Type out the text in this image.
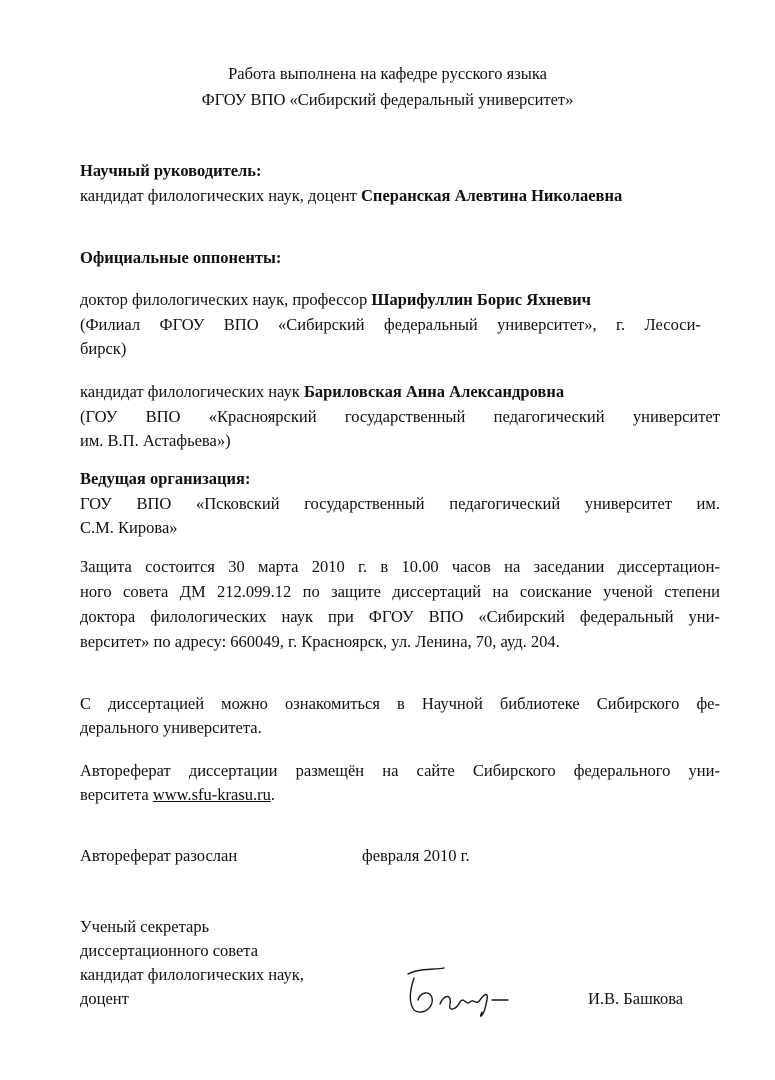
Работа выполнена на кафедре русского языка
ФГОУ ВПО «Сибирский федеральный университет»
Научный руководитель:
кандидат филологических наук, доцент Сперанская Алевтина Николаевна
Официальные оппоненты:
доктор филологических наук, профессор Шарифуллин Борис Яхневич
(Филиал ФГОУ ВПО «Сибирский федеральный университет», г. Лесоси-
бирск)
кандидат филологических наук Бариловская Анна Александровна
(ГОУ ВПО «Красноярский государственный педагогический университет
им. В.П. Астафьева»)
Ведущая организация:
ГОУ ВПО «Псковский государственный педагогический университет им.
С.М. Кирова»
Защита состоится 30 марта 2010 г. в 10.00 часов на заседании диссертацион-
ного совета ДМ 212.099.12 по защите диссертаций на соискание ученой степени
доктора филологических наук при ФГОУ ВПО «Сибирский федеральный уни-
верситет» по адресу: 660049, г. Красноярск, ул. Ленина, 70, ауд. 204.
С диссертацией можно ознакомиться в Научной библиотеке Сибирского фе-
дерального университета.
Автореферат диссертации размещён на сайте Сибирского федерального уни-
верситета www.sfu-krasu.ru.
Автореферат разослан	февраля 2010 г.
Ученый секретарь
диссертационного совета
кандидат филологических наук,
доцент	И.В. Башкова
